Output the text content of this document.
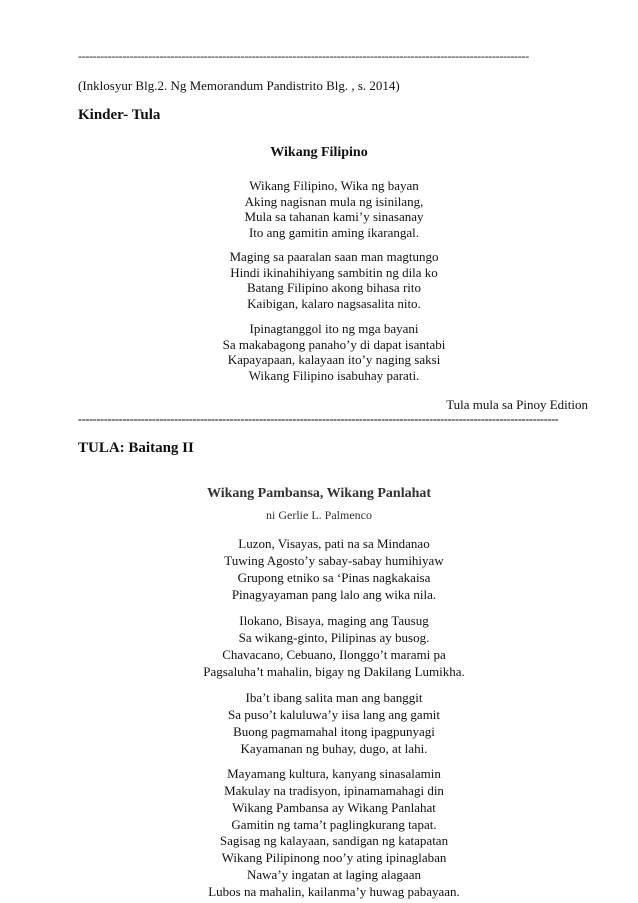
--------------------------------------------------------------------------------------------------------------------------
(Inklosyur Blg.2. Ng Memorandum Pandistrito Blg. , s. 2014)
Kinder- Tula
Wikang Filipino
Wikang Filipino, Wika ng bayan
Aking nagisnan mula ng isinilang,
Mula sa tahanan kami’y sinasanay
Ito ang gamitin aming ikarangal.
Maging sa paaralan saan man magtungo
Hindi ikinahihiyang sambitin ng dila ko
Batang Filipino akong bihasa rito
Kaibigan, kalaro nagsasalita nito.
Ipinagtanggol ito ng mga bayani
Sa makabagong panaho’y di dapat isantabi
Kapayapaan, kalayaan ito’y naging saksi
Wikang Filipino isabuhay parati.
Tula mula sa Pinoy Edition
----------------------------------------------------------------------------------------------------------------------------------
TULA: Baitang II
Wikang Pambansa, Wikang Panlahat
ni Gerlie L. Palmenco
Luzon, Visayas, pati na sa Mindanao
Tuwing Agosto’y sabay-sabay humihiyaw
Grupong etniko sa ‘Pinas nagkakaisa
Pinagyayaman pang lalo ang wika nila.
Ilokano, Bisaya, maging ang Tausug
Sa wikang-ginto, Pilipinas ay busog.
Chavacano, Cebuano, Ilonggo’t marami pa
Pagsaluha’t mahalin, bigay ng Dakilang Lumikha.
Iba’t ibang salita man ang banggit
Sa puso’t kaluluwa’y iisa lang ang gamit
Buong pagmamahal itong ipagpunyagi
Kayamanan ng buhay, dugo, at lahi.
Mayamang kultura, kanyang sinasalamin
Makulay na tradisyon, ipinamamahagi din
Wikang Pambansa ay Wikang Panlahat
Gamitin ng tama’t paglingkurang tapat.
Sagisag ng kalayaan, sandigan ng katapatan
Wikang Pilipinong noo’y ating ipinaglaban
Nawa’y ingatan at laging alagaan
Lubos na mahalin, kailanma’y huwag pabayaan.
